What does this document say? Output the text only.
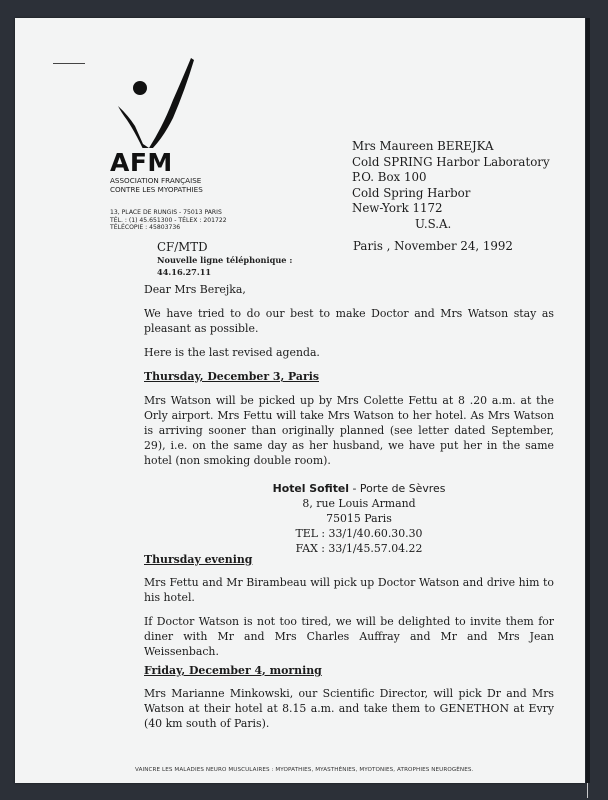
AFM
ASSOCIATION FRANÇAISE
CONTRE LES MYOPATHIES
13, PLACE DE RUNGIS - 75013 PARIS
TÉL. : (1) 45.651300 - TÉLEX : 201722
TÉLÉCOPIE : 45803736
Mrs Maureen BEREJKA
Cold SPRING Harbor Laboratory
P.O. Box 100
Cold Spring Harbor
New-York 1172
U.S.A.
CF/MTD
Nouvelle ligne téléphonique :
44.16.27.11
Paris , November 24, 1992

Dear Mrs Berejka,

We have tried to do our best to make Doctor and Mrs Watson stay as pleasant as possible.

Here is the last revised agenda.

Thursday, December 3, Paris

Mrs Watson will be picked up by Mrs Colette Fettu at 8 .20 a.m. at the Orly airport. Mrs Fettu will take Mrs Watson to her hotel. As Mrs Watson is arriving sooner than originally planned (see letter dated September, 29), i.e. on the same day as her husband, we have put her in the same hotel (non smoking double room).

Hotel Sofitel - Porte de Sèvres
8, rue Louis Armand
75015 Paris
TEL : 33/1/40.60.30.30
FAX : 33/1/45.57.04.22

Thursday evening

Mrs Fettu and Mr Birambeau will pick up Doctor Watson and drive him to his hotel.

If Doctor Watson is not too tired, we will be delighted to invite them for diner with Mr and Mrs Charles Auffray and Mr and Mrs Jean Weissenbach.

Friday, December 4, morning

Mrs Marianne Minkowski, our Scientific Director, will pick Dr and Mrs Watson at their hotel at 8.15 a.m. and take them to GENETHON at Evry (40 km south of Paris).

VAINCRE LES MALADIES NEURO MUSCULAIRES : MYOPATHIES, MYASTHÉNIES, MYOTONIES, ATROPHIES NEUROGÈNES.
